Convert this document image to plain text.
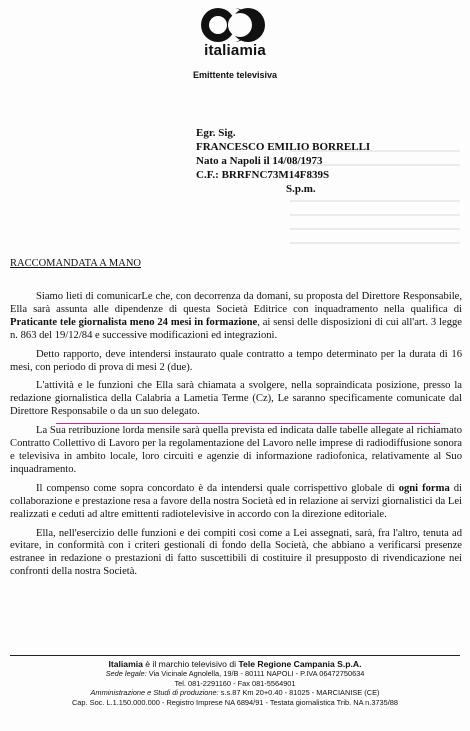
italiamia
Emittente televisiva
Egr. Sig.
FRANCESCO EMILIO BORRELLI
Nato a Napoli il 14/08/1973
C.F.: BRRFNC73M14F839S
S.p.m.
RACCOMANDATA A MANO

Siamo lieti di comunicarLe che, con decorrenza da domani, su proposta del Direttore Responsabile, Ella sarà assunta alle dipendenze di questa Società Editrice con inquadramento nella qualifica di Praticante tele giornalista meno 24 mesi in formazione, ai sensi delle disposizioni di cui all'art. 3 legge n. 863 del 19/12/84 e successive modificazioni ed integrazioni.

Detto rapporto, deve intendersi instaurato quale contratto a tempo determinato per la durata di 16 mesi, con periodo di prova di mesi 2 (due).

L'attività e le funzioni che Ella sarà chiamata a svolgere, nella sopraindicata posizione, presso la redazione giornalistica della Calabria a Lametia Terme (Cz), Le saranno specificamente comunicate dal Direttore Responsabile o da un suo delegato.

La Sua retribuzione lorda mensile sarà quella prevista ed indicata dalle tabelle allegate al richiamato Contratto Collettivo di Lavoro per la regolamentazione del Lavoro nelle imprese di radiodiffusione sonora e televisiva in ambito locale, loro circuiti e agenzie di informazione radiofonica, relativamente al Suo inquadramento.

Il compenso come sopra concordato è da intendersi quale corrispettivo globale di ogni forma di collaborazione e prestazione resa a favore della nostra Società ed in relazione ai servizi giornalistici da Lei realizzati e ceduti ad altre emittenti radiotelevisive in accordo con la direzione editoriale.

Ella, nell'esercizio delle funzioni e dei compiti così come a Lei assegnati, sarà, fra l'altro, tenuta ad evitare, in conformità con i criteri gestionali di fondo della Società, che abbiano a verificarsi presenze estranee in redazione o prestazioni di fatto suscettibili di costituire il presupposto di rivendicazione nei confronti della nostra Società.

Italiamia è il marchio televisivo di Tele Regione Campania S.p.A.
Sede legale: Via Vicinale Agnolella, 19/B - 80111 NAPOLI - P.IVA 06472750634
Tel. 081-2291160 - Fax 081-5564901
Amministrazione e Studi di produzione: s.s.87 Km 20+0.40 - 81025 - MARCIANISE (CE)
Cap. Soc. L.1.150.000.000 - Registro Imprese NA 6894/91 - Testata giornalistica Trib. NA n.3735/88
